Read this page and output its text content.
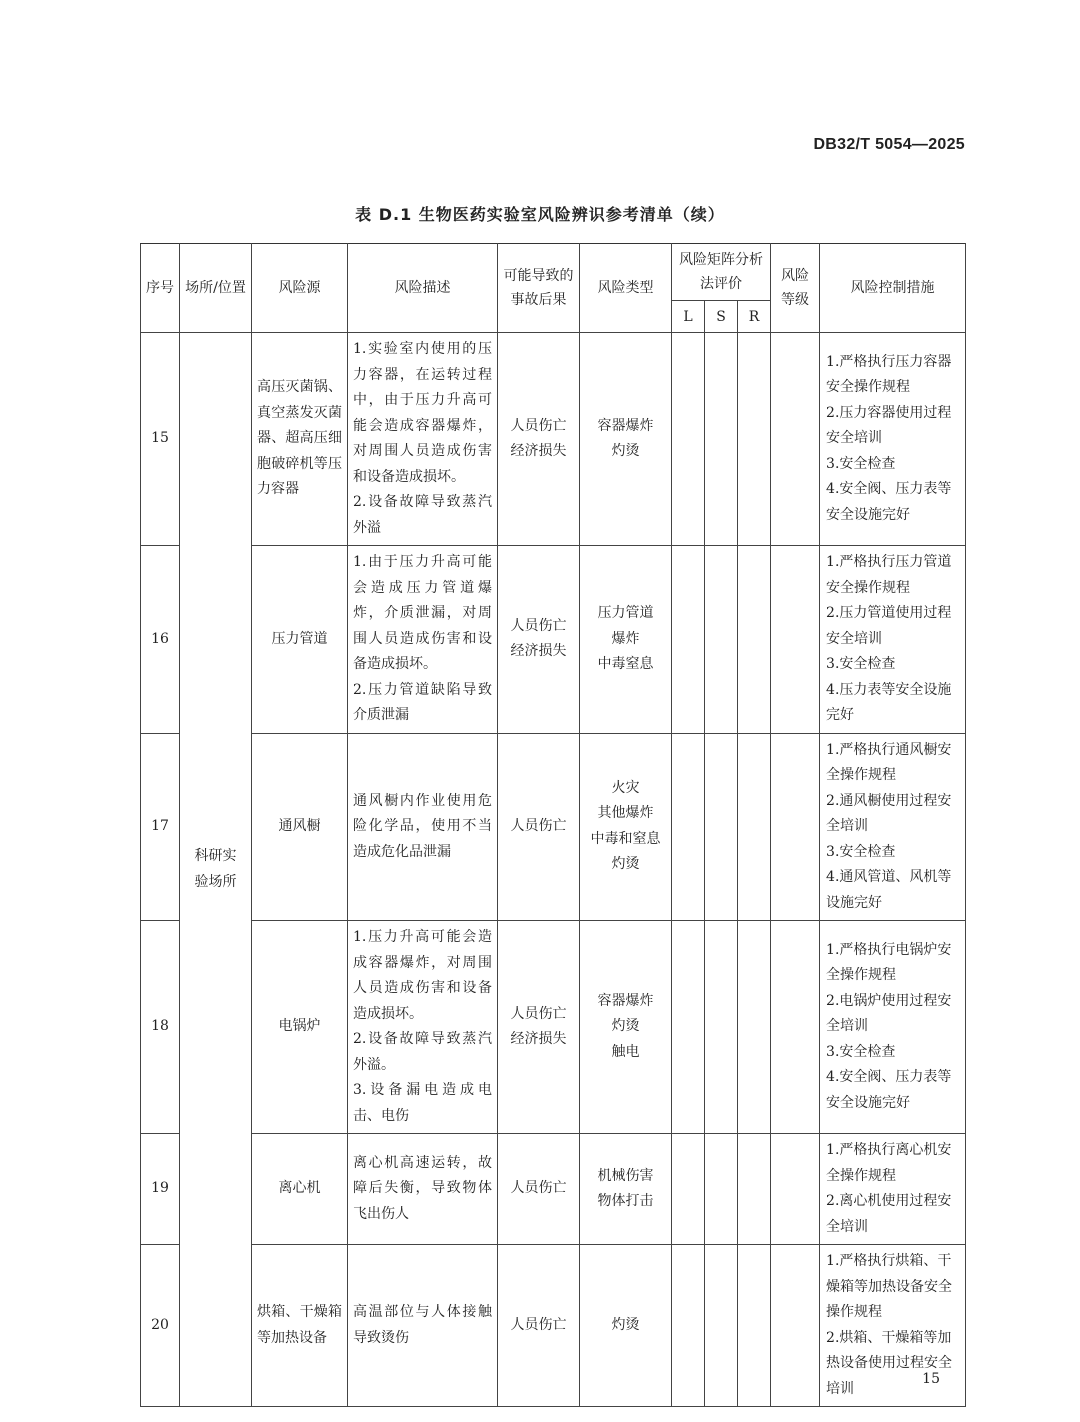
DB32/T 5054—2025
表 D.1 生物医药实验室风险辨识参考清单（续）
序号	场所/位置	风险源	风险描述	可能导致的事故后果	风险类型	风险矩阵分析法评价			风险等级	风险控制措施
						L	S	R		
15	科研实验场所	高压灭菌锅、真空蒸发灭菌器、超高压细胞破碎机等压力容器	1.实验室内使用的压力容器，在运转过程中，由于压力升高可能会造成容器爆炸，对周围人员造成伤害和设备造成损坏。
2.设备故障导致蒸汽外溢	人员伤亡
经济损失	容器爆炸
灼烫					1.严格执行压力容器安全操作规程
2.压力容器使用过程安全培训
3.安全检查
4.安全阀、压力表等安全设施完好

16		压力管道	1.由于压力升高可能会造成压力管道爆炸，介质泄漏，对周围人员造成伤害和设备造成损坏。
2.压力管道缺陷导致介质泄漏	人员伤亡
经济损失	压力管道
爆炸
中毒窒息					1.严格执行压力管道安全操作规程
2.压力管道使用过程安全培训
3.安全检查
4.压力表等安全设施完好

17		通风橱	通风橱内作业使用危险化学品，使用不当造成危化品泄漏	人员伤亡	火灾
其他爆炸
中毒和窒息
灼烫					1.严格执行通风橱安全操作规程
2.通风橱使用过程安全培训
3.安全检查
4.通风管道、风机等设施完好

18		电锅炉	1.压力升高可能会造成容器爆炸，对周围人员造成伤害和设备造成损坏。
2.设备故障导致蒸汽外溢。
3.设备漏电造成电击、电伤	人员伤亡
经济损失	容器爆炸
灼烫
触电					1.严格执行电锅炉安全操作规程
2.电锅炉使用过程安全培训
3.安全检查
4.安全阀、压力表等安全设施完好

19		离心机	离心机高速运转，故障后失衡，导致物体飞出伤人	人员伤亡	机械伤害
物体打击					1.严格执行离心机安全操作规程
2.离心机使用过程安全培训

20		烘箱、干燥箱等加热设备	高温部位与人体接触导致烫伤	人员伤亡	灼烫					1.严格执行烘箱、干燥箱等加热设备安全操作规程
2.烘箱、干燥箱等加热设备使用过程安全培训
15
